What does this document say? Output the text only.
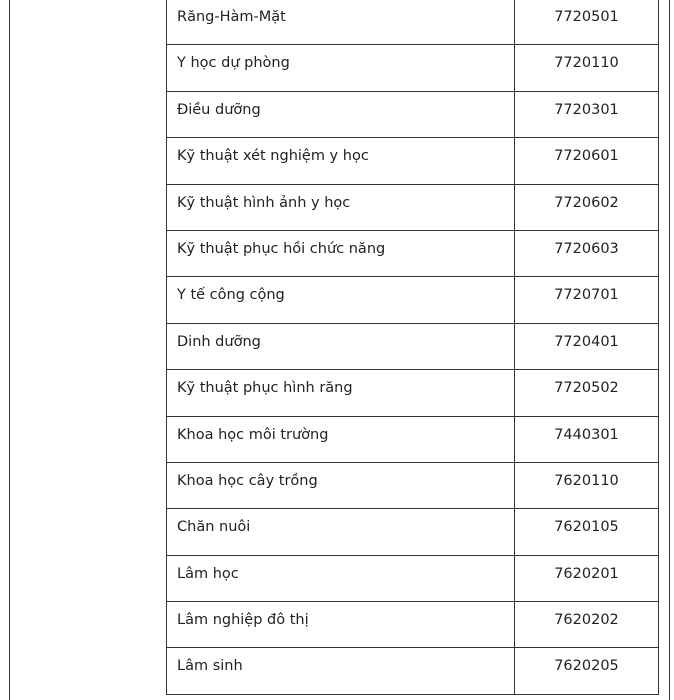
Răng-Hàm-Mặt	7720501

Y học dự phòng	7720110

Điều dưỡng	7720301

Kỹ thuật xét nghiệm y học	7720601

Kỹ thuật hình ảnh y học	7720602

Kỹ thuật phục hồi chức năng	7720603

Y tế công cộng	7720701

Dinh dưỡng	7720401

Kỹ thuật phục hình răng	7720502

Khoa học môi trường	7440301

Khoa học cây trồng	7620110

Chăn nuôi	7620105

Lâm học	7620201

Lâm nghiệp đô thị	7620202

Lâm sinh	7620205
